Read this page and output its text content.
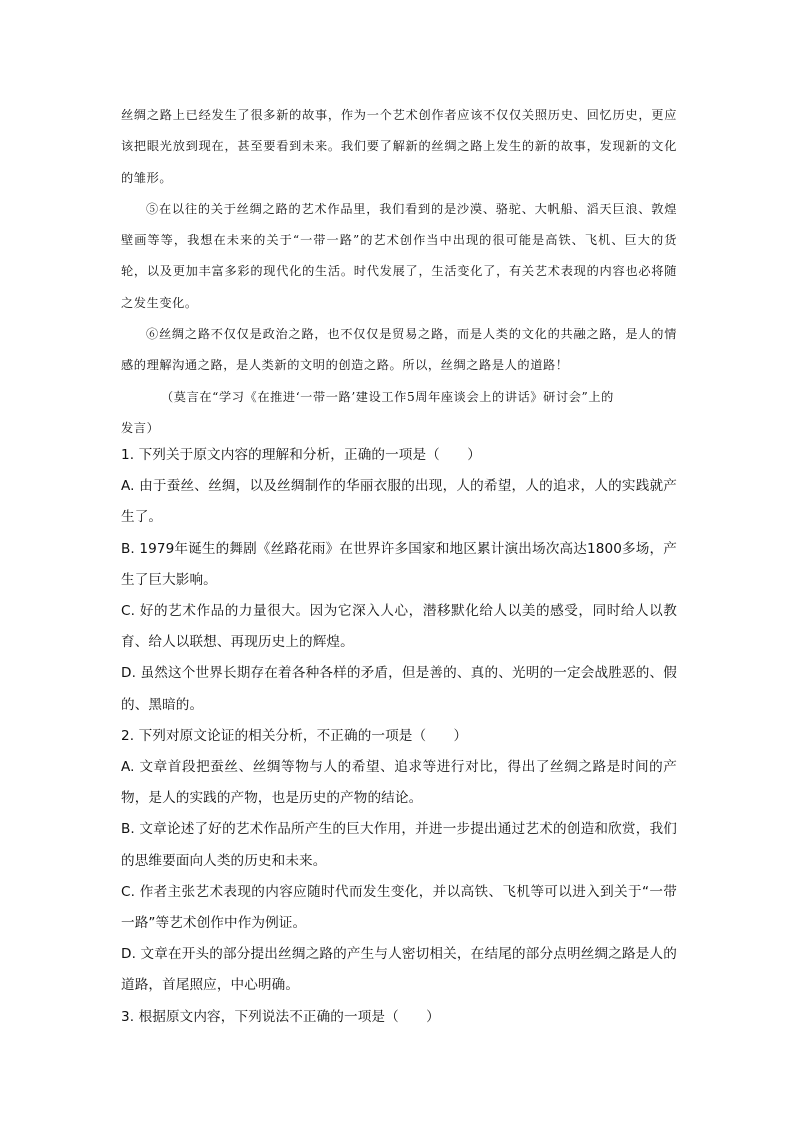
丝绸之路上已经发生了很多新的故事，作为一个艺术创作者应该不仅仅关照历史、回忆历史，更应该把眼光放到现在，甚至要看到未来。我们要了解新的丝绸之路上发生的新的故事，发现新的文化的雏形。

⑤在以往的关于丝绸之路的艺术作品里，我们看到的是沙漠、骆驼、大帆船、滔天巨浪、敦煌壁画等等，我想在未来的关于“一带一路”的艺术创作当中出现的很可能是高铁、飞机、巨大的货轮，以及更加丰富多彩的现代化的生活。时代发展了，生活变化了，有关艺术表现的内容也必将随之发生变化。

⑥丝绸之路不仅仅是政治之路，也不仅仅是贸易之路，而是人类的文化的共融之路，是人的情感的理解沟通之路，是人类新的文明的创造之路。所以，丝绸之路是人的道路！

（莫言在“学习《在推进‘一带一路’建设工作5周年座谈会上的讲话》研讨会”上的

发言）

1. 下列关于原文内容的理解和分析，正确的一项是（　　）

A. 由于蚕丝、丝绸，以及丝绸制作的华丽衣服的出现，人的希望，人的追求，人的实践就产生了。

B. 1979年诞生的舞剧《丝路花雨》在世界许多国家和地区累计演出场次高达1800多场，产生了巨大影响。

C. 好的艺术作品的力量很大。因为它深入人心，潜移默化给人以美的感受，同时给人以教育、给人以联想、再现历史上的辉煌。

D. 虽然这个世界长期存在着各种各样的矛盾，但是善的、真的、光明的一定会战胜恶的、假的、黑暗的。

2. 下列对原文论证的相关分析，不正确的一项是（　　）

A. 文章首段把蚕丝、丝绸等物与人的希望、追求等进行对比，得出了丝绸之路是时间的产物，是人的实践的产物，也是历史的产物的结论。

B. 文章论述了好的艺术作品所产生的巨大作用，并进一步提出通过艺术的创造和欣赏，我们的思维要面向人类的历史和未来。

C. 作者主张艺术表现的内容应随时代而发生变化，并以高铁、飞机等可以进入到关于“一带一路”等艺术创作中作为例证。

D. 文章在开头的部分提出丝绸之路的产生与人密切相关，在结尾的部分点明丝绸之路是人的道路，首尾照应，中心明确。

3. 根据原文内容，下列说法不正确的一项是（　　）
